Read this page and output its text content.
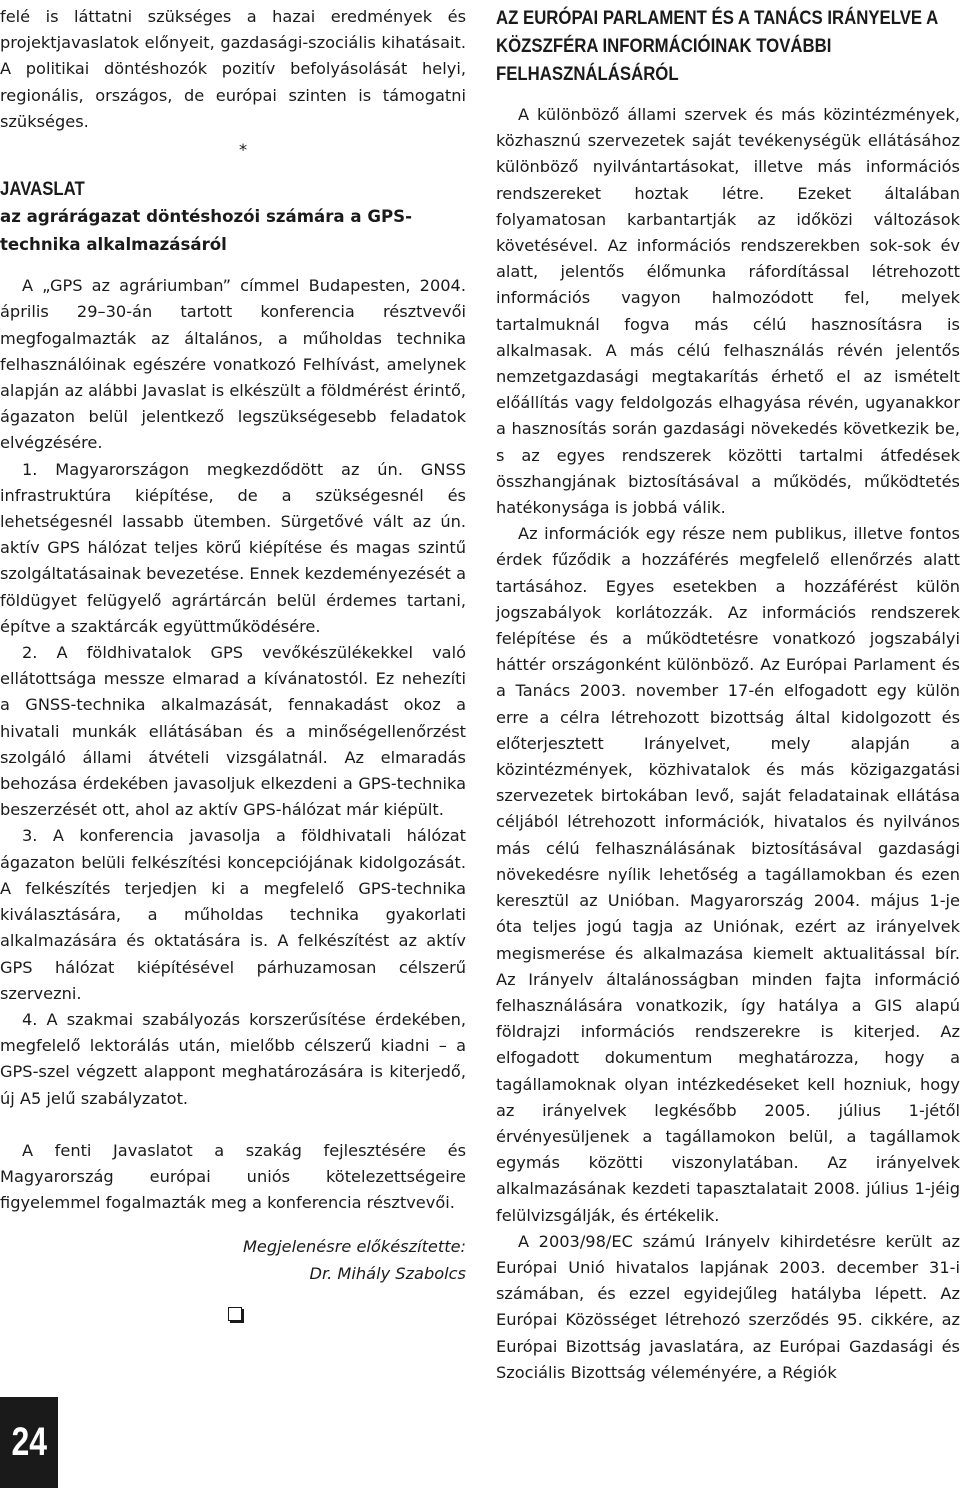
felé is láttatni szükséges a hazai eredmények és projektjavaslatok előnyeit, gazdasági-szociális kihatásait. A politikai döntéshozók pozitív befolyásolását helyi, regionális, országos, de európai szinten is támogatni szükséges.

*

JAVASLAT

az agrárágazat döntéshozói számára a GPS-technika alkalmazásáról

A „GPS az agráriumban” címmel Budapesten, 2004. április 29–30-án tartott konferencia résztvevői megfogalmazták az általános, a műholdas technika felhasználóinak egészére vonatkozó Felhívást, amelynek alapján az alábbi Javaslat is elkészült a földmérést érintő, ágazaton belül jelentkező legszükségesebb feladatok elvégzésére.

1. Magyarországon megkezdődött az ún. GNSS infrastruktúra kiépítése, de a szükségesnél és lehetségesnél lassabb ütemben. Sürgetővé vált az ún. aktív GPS hálózat teljes körű kiépítése és magas szintű szolgáltatásainak bevezetése. Ennek kezdeményezését a földügyet felügyelő agrártárcán belül érdemes tartani, építve a szaktárcák együttműködésére.

2. A földhivatalok GPS vevőkészülékekkel való ellátottsága messze elmarad a kívánatostól. Ez nehezíti a GNSS-technika alkalmazását, fennakadást okoz a hivatali munkák ellátásában és a minőségellenőrzést szolgáló állami átvételi vizsgálatnál. Az elmaradás behozása érdekében javasoljuk elkezdeni a GPS-technika beszerzését ott, ahol az aktív GPS-hálózat már kiépült.

3. A konferencia javasolja a földhivatali hálózat ágazaton belüli felkészítési koncepciójának kidolgozását. A felkészítés terjedjen ki a megfelelő GPS-technika kiválasztására, a műholdas technika gyakorlati alkalmazására és oktatására is. A felkészítést az aktív GPS hálózat kiépítésével párhuzamosan célszerű szervezni.

4. A szakmai szabályozás korszerűsítése érdekében, megfelelő lektorálás után, mielőbb célszerű kiadni – a GPS-szel végzett alappont meghatározására is kiterjedő, új A5 jelű szabályzatot.

A fenti Javaslatot a szakág fejlesztésére és Magyarország európai uniós kötelezettségeire figyelemmel fogalmazták meg a konferencia résztvevői.

Megjelenésre előkészítette:
Dr. Mihály Szabolcs

AZ EURÓPAI PARLAMENT ÉS A TANÁCS IRÁNYELVE A KÖZSZFÉRA INFORMÁCIÓINAK TOVÁBBI FELHASZNÁLÁSÁRÓL

A különböző állami szervek és más közintézmények, közhasznú szervezetek saját tevékenységük ellátásához különböző nyilvántartásokat, illetve más információs rendszereket hoztak létre. Ezeket általában folyamatosan karbantartják az időközi változások követésével. Az információs rendszerekben sok-sok év alatt, jelentős élőmunka ráfordítással létrehozott információs vagyon halmozódott fel, melyek tartalmuknál fogva más célú hasznosításra is alkalmasak. A más célú felhasználás révén jelentős nemzetgazdasági megtakarítás érhető el az ismételt előállítás vagy feldolgozás elhagyása révén, ugyanakkor a hasznosítás során gazdasági növekedés következik be, s az egyes rendszerek közötti tartalmi átfedések összhangjának biztosításával a működés, működtetés hatékonysága is jobbá válik.

Az információk egy része nem publikus, illetve fontos érdek fűződik a hozzáférés megfelelő ellenőrzés alatt tartásához. Egyes esetekben a hozzáférést külön jogszabályok korlátozzák. Az információs rendszerek felépítése és a működtetésre vonatkozó jogszabályi háttér országonként különböző. Az Európai Parlament és a Tanács 2003. november 17-én elfogadott egy külön erre a célra létrehozott bizottság által kidolgozott és előterjesztett Irányelvet, mely alapján a közintézmények, közhivatalok és más közigazgatási szervezetek birtokában levő, saját feladatainak ellátása céljából létrehozott információk, hivatalos és nyilvános más célú felhasználásának biztosításával gazdasági növekedésre nyílik lehetőség a tagállamokban és ezen keresztül az Unióban. Magyarország 2004. május 1-je óta teljes jogú tagja az Uniónak, ezért az irányelvek megismerése és alkalmazása kiemelt aktualitással bír. Az Irányelv általánosságban minden fajta információ felhasználására vonatkozik, így hatálya a GIS alapú földrajzi információs rendszerekre is kiterjed. Az elfogadott dokumentum meghatározza, hogy a tagállamoknak olyan intézkedéseket kell hozniuk, hogy az irányelvek legkésőbb 2005. július 1-jétől érvényesüljenek a tagállamokon belül, a tagállamok egymás közötti viszonylatában. Az irányelvek alkalmazásának kezdeti tapasztalatait 2008. július 1-jéig felülvizsgálják, és értékelik.

A 2003/98/EC számú Irányelv kihirdetésre került az Európai Unió hivatalos lapjának 2003. december 31-i számában, és ezzel egyidejűleg hatályba lépett. Az Európai Közösséget létrehozó szerződés 95. cikkére, az Európai Bizottság javaslatára, az Európai Gazdasági és Szociális Bizottság véleményére, a Régiók

24
